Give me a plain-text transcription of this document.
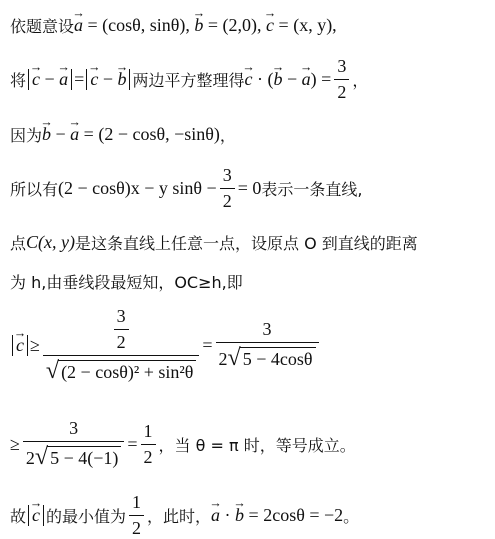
依题意设 → a = (cosθ, sinθ), → b = (2,0), → c = (x, y),
将 → c − → a = → c − → b 两边平方整理得 → c · (→ b − → $a) = \frac{3}{2}$ ，
因为 → b − → a = (2 − cosθ, −sinθ) ，
所以有 (2 − cosθ)x − y $\sin\theta - \frac{3}{2} = 0$ 表示一条直线,
点 C(x, y) 是这条直线上任意一点，设原点 O 到直线的距离
为 h,由垂线段最短知，OC≥h,即
→ $c \ge \frac{\frac{3}{2}}{\text{√ (2 − cosθ)² + sin²θ}} = \frac{3}{2√ 5 - 4\cos\theta}$
≥ $\frac{3}{2√ 5 - 4(-1)} = \frac{1}{2}$ ，当 θ = π 时，等号成立。
故 → c 的最小值为 $\frac{1}{2}$ ，此时， → a · → b = 2cosθ = −2 。
